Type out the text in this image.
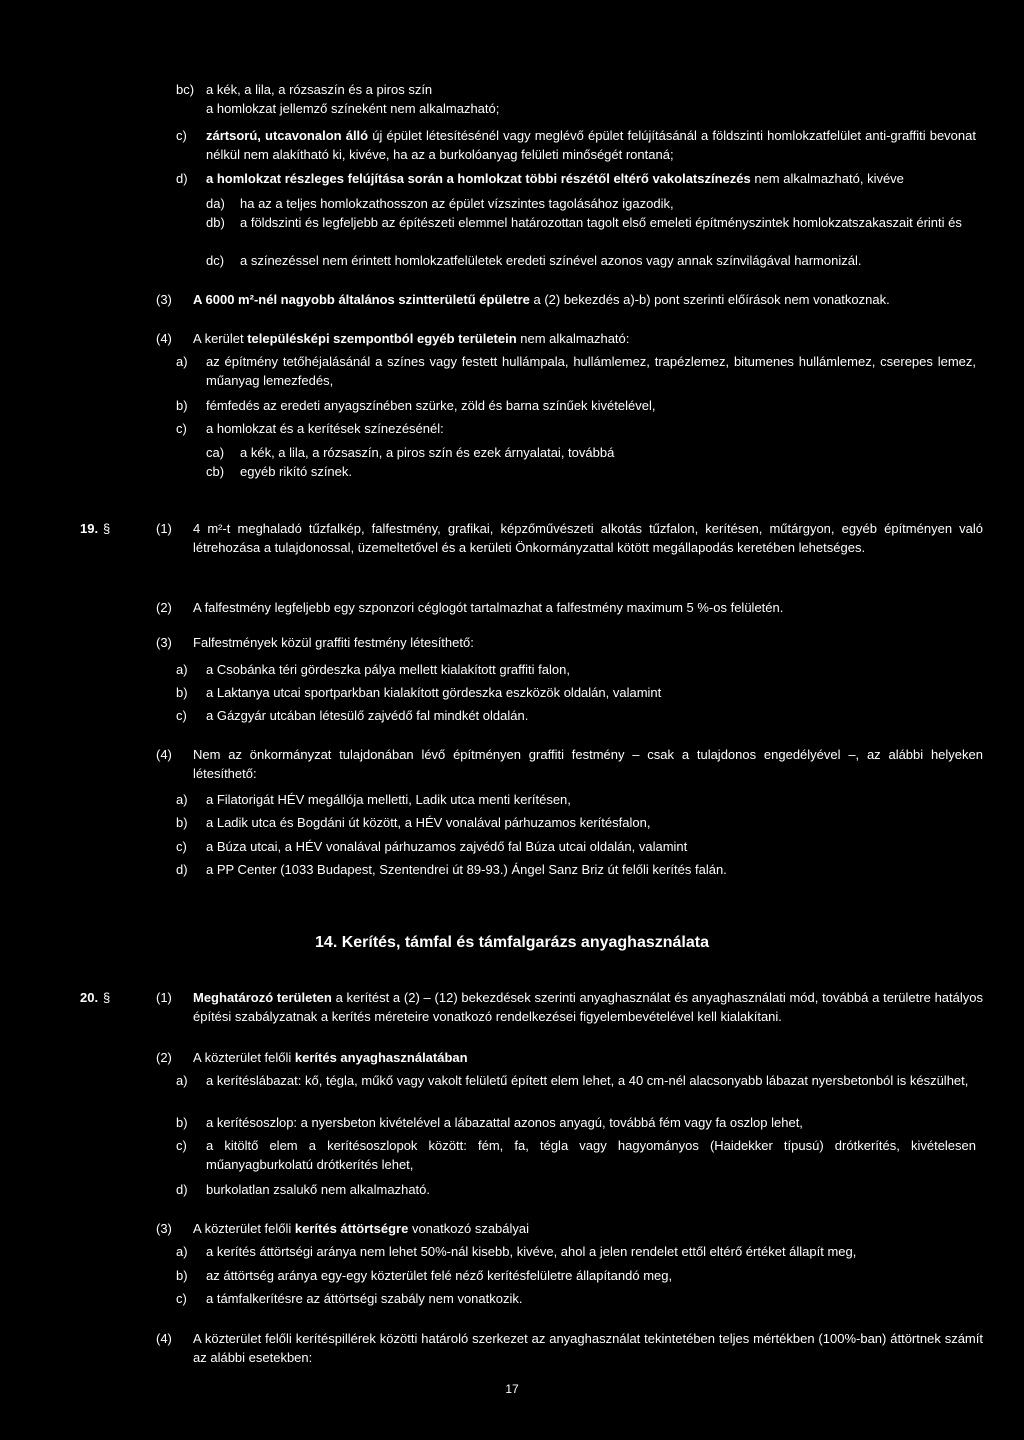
bc) a kék, a lila, a rózsaszín és a piros szín
a homlokzat jellemző színeként nem alkalmazható;
c) zártsorú, utcavonalon álló új épület létesítésénél vagy meglévő épület felújításánál a földszinti homlokzatfelület anti-graffiti bevonat nélkül nem alakítható ki, kivéve, ha az a burkolóanyag felületi minőségét rontaná;
d) a homlokzat részleges felújítása során a homlokzat többi részétől eltérő vakolatszínezés nem alkalmazható, kivéve
da) ha az a teljes homlokzathosszon az épület vízszintes tagolásához igazodik,
db) a földszinti és legfeljebb az építészeti elemmel határozottan tagolt első emeleti építményszintek homlokzatszakaszait érinti és
dc) a színezéssel nem érintett homlokzatfelületek eredeti színével azonos vagy annak színvilágával harmonizál.
(3) A 6000 m²-nél nagyobb általános szintterületű épületre a (2) bekezdés a)-b) pont szerinti előírások nem vonatkoznak.
(4) A kerület településképi szempontból egyéb területein nem alkalmazható:
a) az építmény tetőhéjalásánál a színes vagy festett hullámpala, hullámlemez, trapézlemez, bitumenes hullámlemez, cserepes lemez, műanyag lemezfedés,
b) fémfedés az eredeti anyagszínében szürke, zöld és barna színűek kivételével,
c) a homlokzat és a kerítések színezésénél:
ca) a kék, a lila, a rózsaszín, a piros szín és ezek árnyalatai, továbbá
cb) egyéb rikító színek.
(1) 4 m²-t meghaladó tűzfalkép, falfestmény, grafikai, képzőművészeti alkotás tűzfalon, kerítésen, műtárgyon, egyéb építményen való létrehozása a tulajdonossal, üzemeltetővel és a kerületi Önkormányzattal kötött megállapodás keretében lehetséges.
(2) A falfestmény legfeljebb egy szponzori céglogót tartalmazhat a falfestmény maximum 5 %-os felületén.
(3) Falfestmények közül graffiti festmény létesíthető:
a) a Csobánka téri gördeszka pálya mellett kialakított graffiti falon,
b) a Laktanya utcai sportparkban kialakított gördeszka eszközök oldalán, valamint
c) a Gázgyár utcában létesülő zajvédő fal mindkét oldalán.
(4) Nem az önkormányzat tulajdonában lévő építményen graffiti festmény – csak a tulajdonos engedélyével –, az alábbi helyeken létesíthető:
a) a Filatorigát HÉV megállója melletti, Ladik utca menti kerítésen,
b) a Ladik utca és Bogdáni út között, a HÉV vonalával párhuzamos kerítésfalon,
c) a Búza utcai, a HÉV vonalával párhuzamos zajvédő fal Búza utcai oldalán, valamint
d) a PP Center (1033 Budapest, Szentendrei út 89-93.) Ángel Sanz Briz út felőli kerítés falán.
(1) Meghatározó területen a kerítést a (2) – (12) bekezdések szerinti anyaghasználat és anyaghasználati mód, továbbá a területre hatályos építési szabályzatnak a kerítés méreteire vonatkozó rendelkezései figyelembevételével kell kialakítani.
(2) A közterület felőli kerítés anyaghasználatában
a) a kerítéslábazat: kő, tégla, műkő vagy vakolt felületű épített elem lehet, a 40 cm-nél alacsonyabb lábazat nyersbetonból is készülhet,
b) a kerítésoszlop: a nyersbeton kivételével a lábazattal azonos anyagú, továbbá fém vagy fa oszlop lehet,
c) a kitöltő elem a kerítésoszlopok között: fém, fa, tégla vagy hagyományos (Haidekker típusú) drótkerítés, kivételesen műanyagburkolatú drótkerítés lehet,
d) burkolatlan zsalukő nem alkalmazható.
(3) A közterület felőli kerítés áttörtségre vonatkozó szabályai
a) a kerítés áttörtségi aránya nem lehet 50%-nál kisebb, kivéve, ahol a jelen rendelet ettől eltérő értéket állapít meg,
b) az áttörtség aránya egy-egy közterület felé néző kerítésfelületre állapítandó meg,
c) a támfalkerítésre az áttörtségi szabály nem vonatkozik.
(4) A közterület felőli kerítéspillérek közötti határoló szerkezet az anyaghasználat tekintetében teljes mértékben (100%-ban) áttörtnek számít az alábbi esetekben:
19. §
14. Kerítés, támfal és támfalgarázs anyaghasználata
20. §
17
